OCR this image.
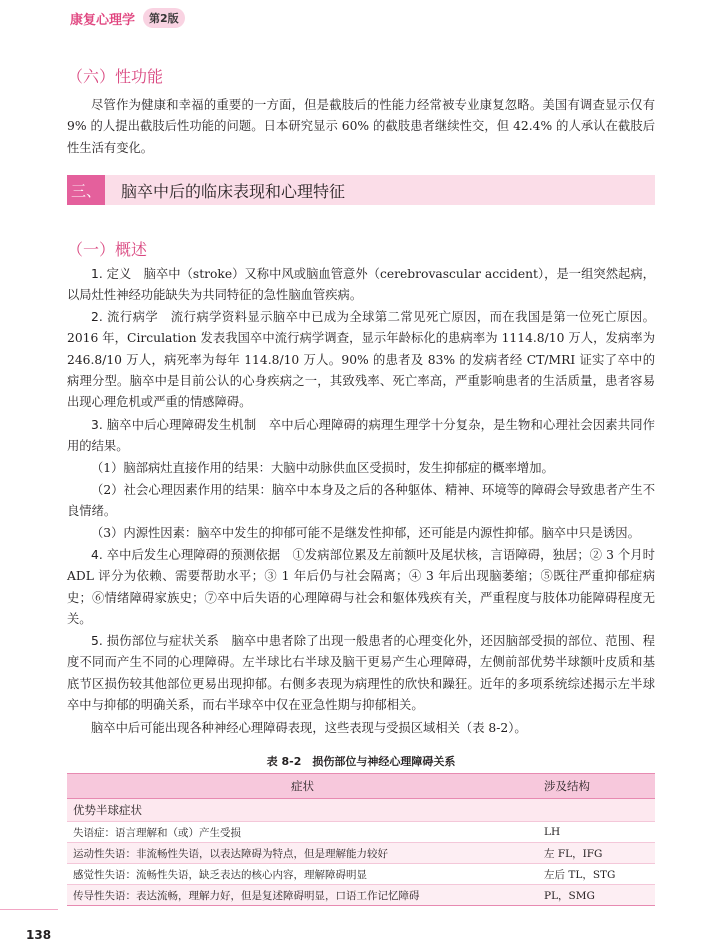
康复心理学	第2版
（六）性功能

尽管作为健康和幸福的重要的一方面，但是截肢后的性能力经常被专业康复忽略。美国有调查显示仅有 9% 的人提出截肢后性功能的问题。日本研究显示 60% 的截肢患者继续性交，但 42.4% 的人承认在截肢后性生活有变化。

三、 脑卒中后的临床表现和心理特征
（一）概述

1. 定义　 脑卒中（stroke）又称中风或脑血管意外（cerebrovascular accident），是一组突然起病，以局灶性神经功能缺失为共同特征的急性脑血管疾病。

2. 流行病学　 流行病学资料显示脑卒中已成为全球第二常见死亡原因，而在我国是第一位死亡原因。2016 年，Circulation 发表我国卒中流行病学调查，显示年龄标化的患病率为 1114.8/10 万人，发病率为 246.8/10 万人，病死率为每年 114.8/10 万人。90% 的患者及 83% 的发病者经 CT/MRI 证实了卒中的病理分型。脑卒中是目前公认的心身疾病之一，其致残率、死亡率高，严重影响患者的生活质量，患者容易出现心理危机或严重的情感障碍。

3. 脑卒中后心理障碍发生机制　 卒中后心理障碍的病理生理学十分复杂，是生物和心理社会因素共同作用的结果。

（1）脑部病灶直接作用的结果：大脑中动脉供血区受损时，发生抑郁症的概率增加。

（2）社会心理因素作用的结果：脑卒中本身及之后的各种躯体、精神、环境等的障碍会导致患者产生不良情绪。

（3）内源性因素：脑卒中发生的抑郁可能不是继发性抑郁，还可能是内源性抑郁。脑卒中只是诱因。

4. 卒中后发生心理障碍的预测依据　 ①发病部位累及左前额叶及尾状核，言语障碍，独居；② 3 个月时 ADL 评分为依赖、需要帮助水平；③ 1 年后仍与社会隔离；④ 3 年后出现脑萎缩；⑤既往严重抑郁症病史；⑥情绪障碍家族史；⑦卒中后失语的心理障碍与社会和躯体残疾有关，严重程度与肢体功能障碍程度无关。

5. 损伤部位与症状关系　 脑卒中患者除了出现一般患者的心理变化外，还因脑部受损的部位、范围、程度不同而产生不同的心理障碍。左半球比右半球及脑干更易产生心理障碍，左侧前部优势半球额叶皮质和基底节区损伤较其他部位更易出现抑郁。右侧多表现为病理性的欣快和躁狂。近年的多项系统综述揭示左半球卒中与抑郁的明确关系，而右半球卒中仅在亚急性期与抑郁相关。

脑卒中后可能出现各种神经心理障碍表现，这些表现与受损区域相关（表 8-2）。

表 8-2　损伤部位与神经心理障碍关系
症状	涉及结构
优势半球症状	
失语症：语言理解和（或）产生受损	LH
运动性失语：非流畅性失语，以表达障碍为特点，但是理解能力较好	左 FL，IFG
感觉性失语：流畅性失语，缺乏表达的核心内容，理解障碍明显	左后 TL，STG
传导性失语：表达流畅，理解力好，但是复述障碍明显，口语工作记忆障碍	PL，SMG
138
